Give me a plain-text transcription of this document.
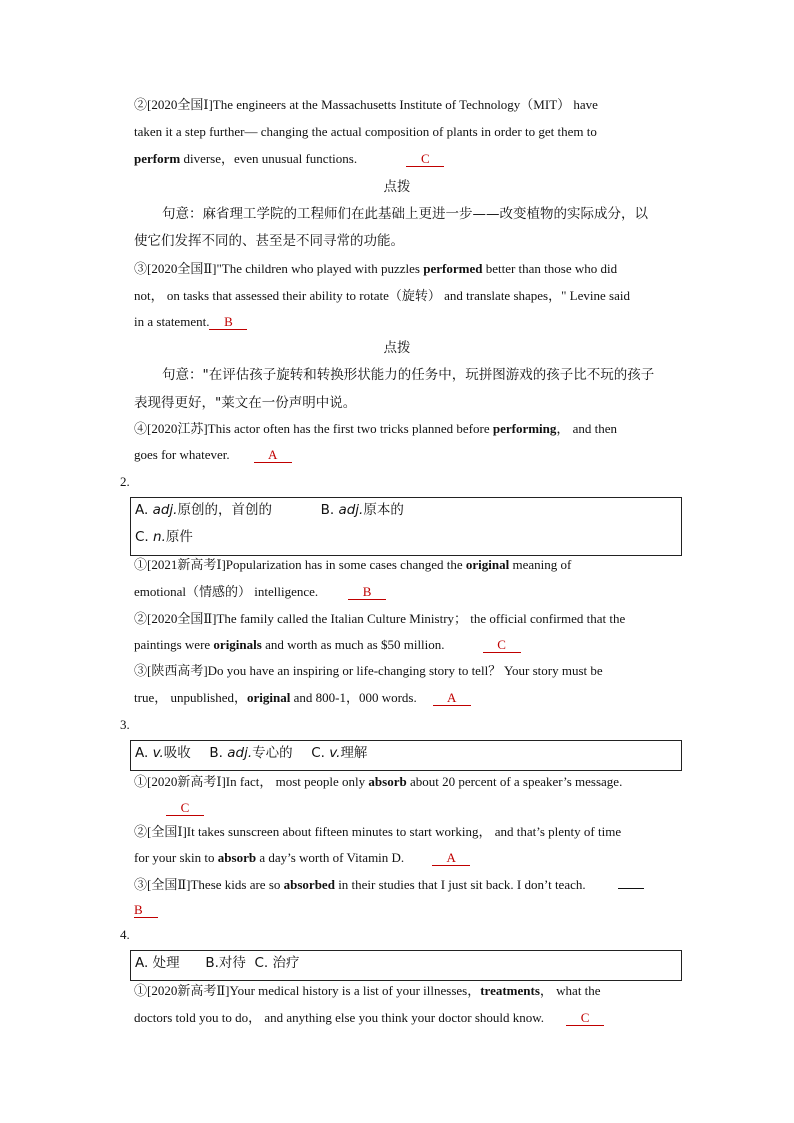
②[2020全国Ⅰ]The engineers at the Massachusetts Institute of Technology（MIT） have
taken it a step further— changing the actual composition of plants in order to get them to
perform diverse，even unusual functions.	C
点拨
句意：麻省理工学院的工程师们在此基础上更进一步——改变植物的实际成分，以
使它们发挥不同的、甚至是不同寻常的功能。
③[2020全国Ⅱ]"The children who played with puzzles performed better than those who did
not， on tasks that assessed their ability to rotate（旋转） and translate shapes，" Levine said
in a statement. B
点拨
句意："在评估孩子旋转和转换形状能力的任务中，玩拼图游戏的孩子比不玩的孩子
表现得更好，"莱文在一份声明中说。
④[2020江苏]This actor often has the first two tricks planned before performing， and then
goes for whatever.	A
2.
A. adj.原创的，首创的	B. adj.原本的
C. n.原件
①[2021新高考Ⅰ]Popularization has in some cases changed the original meaning of
emotional（情感的） intelligence.	B
②[2020全国Ⅱ]The family called the Italian Culture Ministry； the official confirmed that the
paintings were originals and worth as much as $50 million.	C
③[陕西高考]Do you have an inspiring or life-changing story to tell？ Your story must be
true， unpublished，original and 800-1，000 words. A
3.
A. v.吸收 B. adj.专心的 C. v.理解
①[2020新高考Ⅰ]In fact， most people only absorb about 20 percent of a speaker’s message.
C
②[全国Ⅰ]It takes sunscreen about fifteen minutes to start working， and that’s plenty of time
for your skin to absorb a day’s worth of Vitamin D.	A
③[全国Ⅱ]These kids are so absorbed in their studies that I just sit back. I don’t teach.
B
4.
A. 处理      B.对待  C. 治疗
①[2020新高考Ⅱ]Your medical history is a list of your illnesses，treatments， what the
doctors told you to do， and anything else you think your doctor should know.	C
